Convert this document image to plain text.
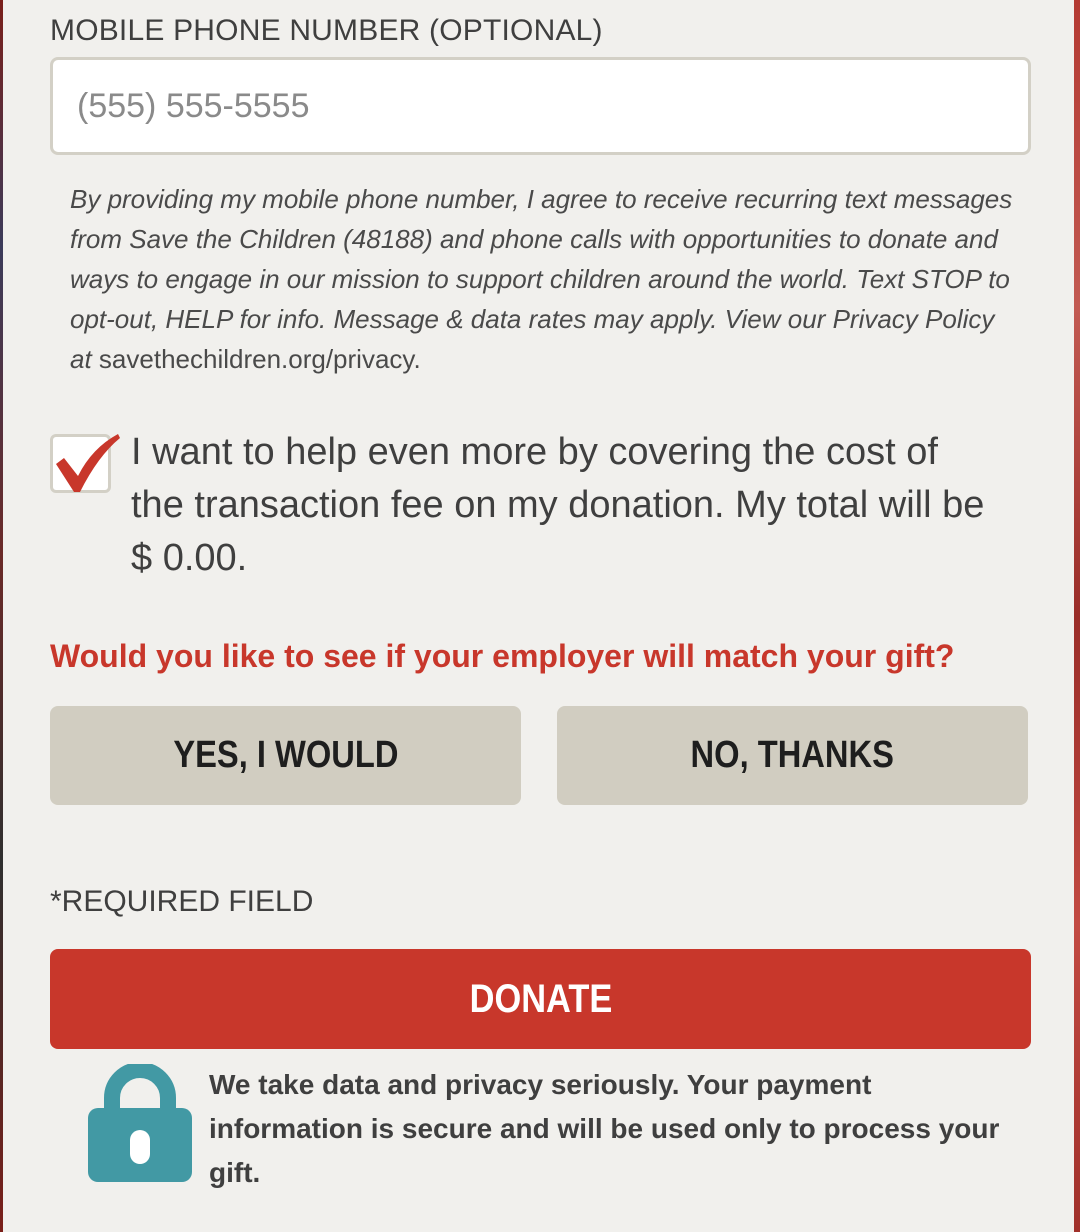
MOBILE PHONE NUMBER (OPTIONAL)
(555) 555-5555

By providing my mobile phone number, I agree to receive recurring text messages from Save the Children (48188) and phone calls with opportunities to donate and ways to engage in our mission to support children around the world. Text STOP to opt-out, HELP for info. Message & data rates may apply. View our Privacy Policy at savethechildren.org/privacy.

I want to help even more by covering the cost of the transaction fee on my donation. My total will be $ 0.00.
Would you like to see if your employer will match your gift?
YES, I WOULD	NO, THANKS
*REQUIRED FIELD
DONATE
We take data and privacy seriously. Your payment information is secure and will be used only to process your gift.
